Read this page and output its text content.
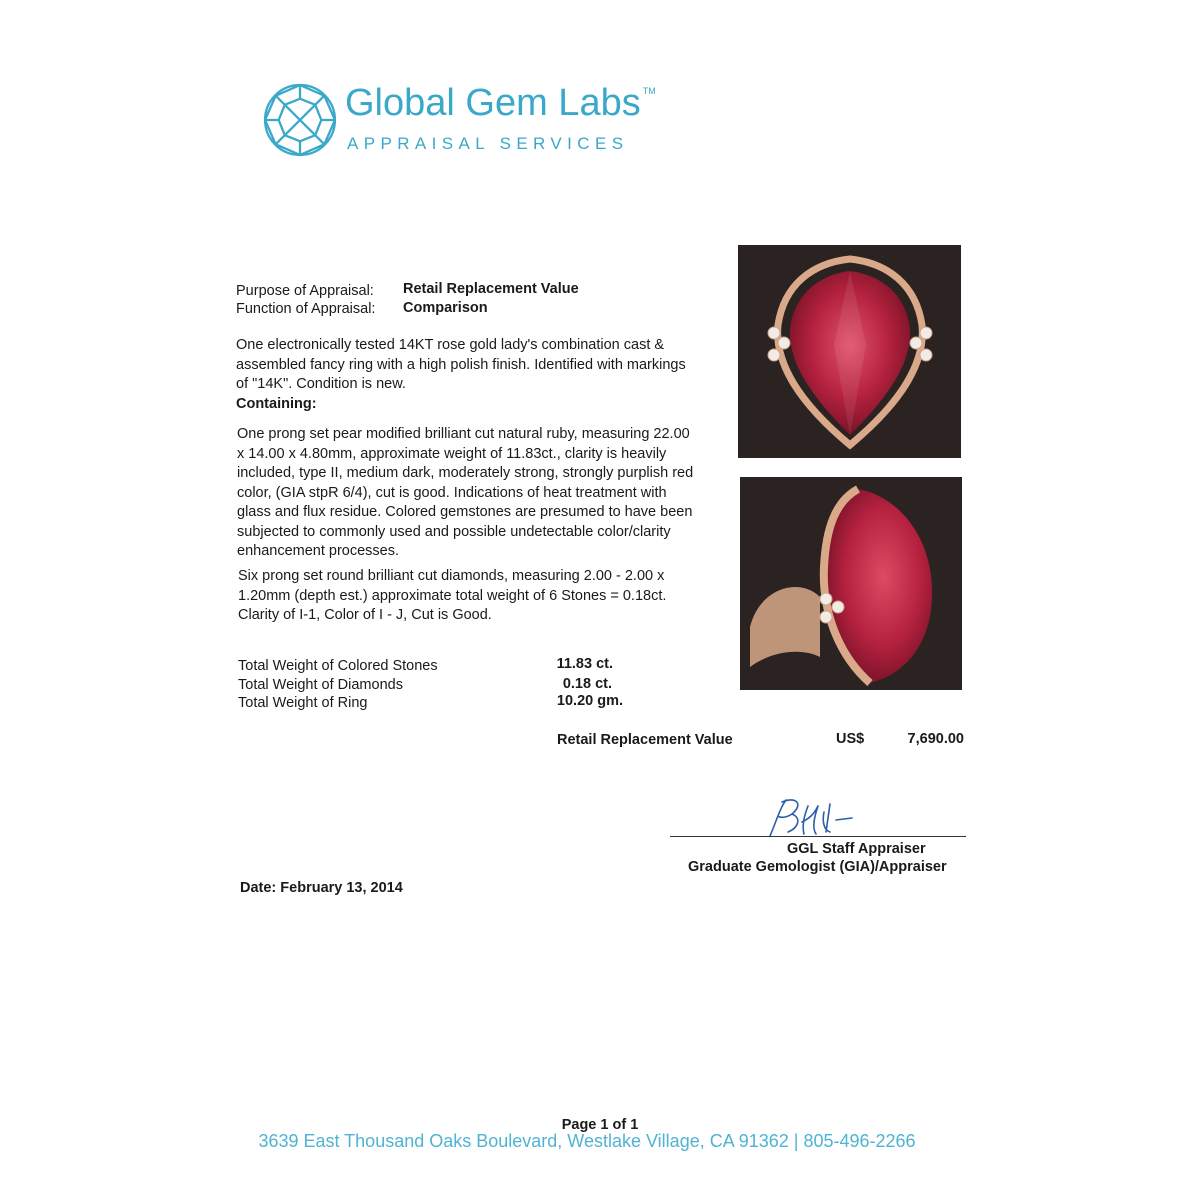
Global Gem Labs ™
APPRAISAL SERVICES
Purpose of Appraisal: Retail Replacement Value
Function of Appraisal: Comparison
One electronically tested 14KT rose gold lady's combination cast &
assembled fancy ring with a high polish finish. Identified with markings
of "14K". Condition is new.
Containing:
One prong set pear modified brilliant cut natural ruby, measuring 22.00
x 14.00 x 4.80mm, approximate weight of 11.83ct., clarity is heavily
included, type II, medium dark, moderately strong, strongly purplish red
color, (GIA stpR 6/4), cut is good. Indications of heat treatment with
glass and flux residue. Colored gemstones are presumed to have been
subjected to commonly used and possible undetectable color/clarity
enhancement processes.
Six prong set round brilliant cut diamonds, measuring 2.00 - 2.00 x
1.20mm (depth est.) approximate total weight of 6 Stones = 0.18ct.
Clarity of I-1, Color of I - J, Cut is Good.
Total Weight of Colored Stones	11.83 ct.
Total Weight of Diamonds	0.18 ct.
Total Weight of Ring	10.20 gm.
Retail Replacement Value	US$	7,690.00
GGL Staff Appraiser
Graduate Gemologist (GIA)/Appraiser
Date: February 13, 2014
Page 1 of 1
3639 East Thousand Oaks Boulevard, Westlake Village, CA 91362 | 805-496-2266
